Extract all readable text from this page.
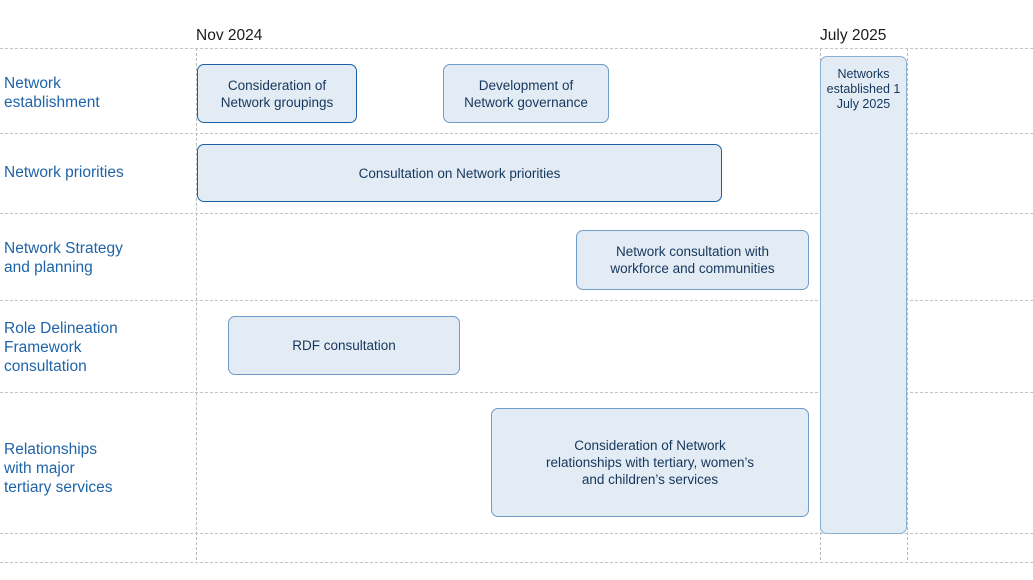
Nov 2024	July 2025
Networks established 1 July 2025
Network
establishment
Consideration of
Network groupings
Development of
Network governance
Network priorities	Consultation on Network priorities
Network Strategy
and planning
Network consultation with
workforce and communities
Role Delineation
Framework
consultation
RDF consultation
Relationships
with major
tertiary services
Consideration of Network
relationships with tertiary, women’s
and children’s services
